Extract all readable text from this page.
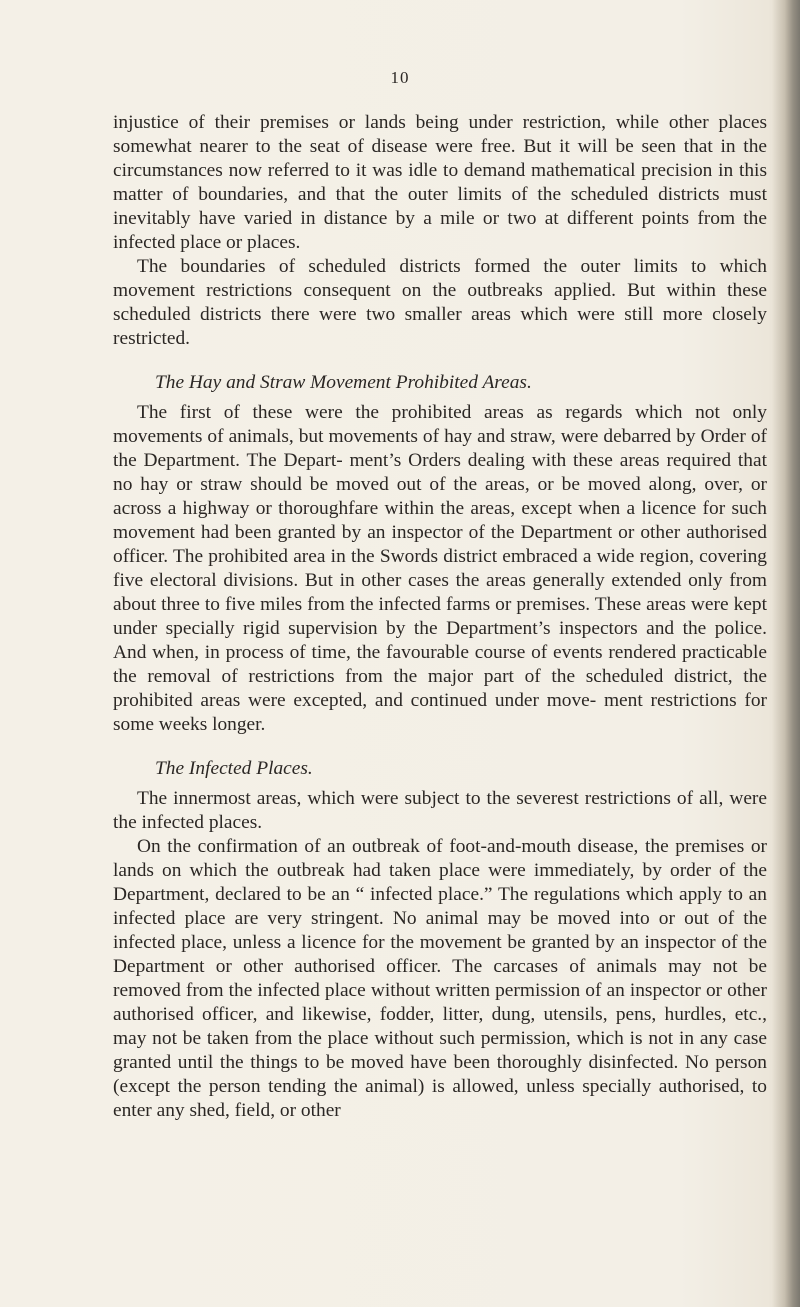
10

injustice of their premises or lands being under restriction, while other places somewhat nearer to the seat of disease were free. But it will be seen that in the circumstances now referred to it was idle to demand mathematical precision in this matter of boundaries, and that the outer limits of the scheduled districts must inevitably have varied in distance by a mile or two at different points from the infected place or places.

The boundaries of scheduled districts formed the outer limits to which movement restrictions consequent on the outbreaks applied. But within these scheduled districts there were two smaller areas which were still more closely restricted.

The Hay and Straw Movement Prohibited Areas.

The first of these were the prohibited areas as regards which not only movements of animals, but movements of hay and straw, were debarred by Order of the Department. The Depart- ment’s Orders dealing with these areas required that no hay or straw should be moved out of the areas, or be moved along, over, or across a highway or thoroughfare within the areas, except when a licence for such movement had been granted by an inspector of the Department or other authorised officer. The prohibited area in the Swords district embraced a wide region, covering five electoral divisions. But in other cases the areas generally extended only from about three to five miles from the infected farms or premises. These areas were kept under specially rigid supervision by the Department’s inspectors and the police. And when, in process of time, the favourable course of events rendered practicable the removal of restrictions from the major part of the scheduled district, the prohibited areas were excepted, and continued under move- ment restrictions for some weeks longer.

The Infected Places.

The innermost areas, which were subject to the severest restrictions of all, were the infected places.

On the confirmation of an outbreak of foot-and-mouth disease, the premises or lands on which the outbreak had taken place were immediately, by order of the Department, declared to be an “ infected place.” The regulations which apply to an infected place are very stringent. No animal may be moved into or out of the infected place, unless a licence for the movement be granted by an inspector of the Department or other authorised officer. The carcases of animals may not be removed from the infected place without written permission of an inspector or other authorised officer, and likewise, fodder, litter, dung, utensils, pens, hurdles, etc., may not be taken from the place without such permission, which is not in any case granted until the things to be moved have been thoroughly disinfected. No person (except the person tending the animal) is allowed, unless specially authorised, to enter any shed, field, or other
